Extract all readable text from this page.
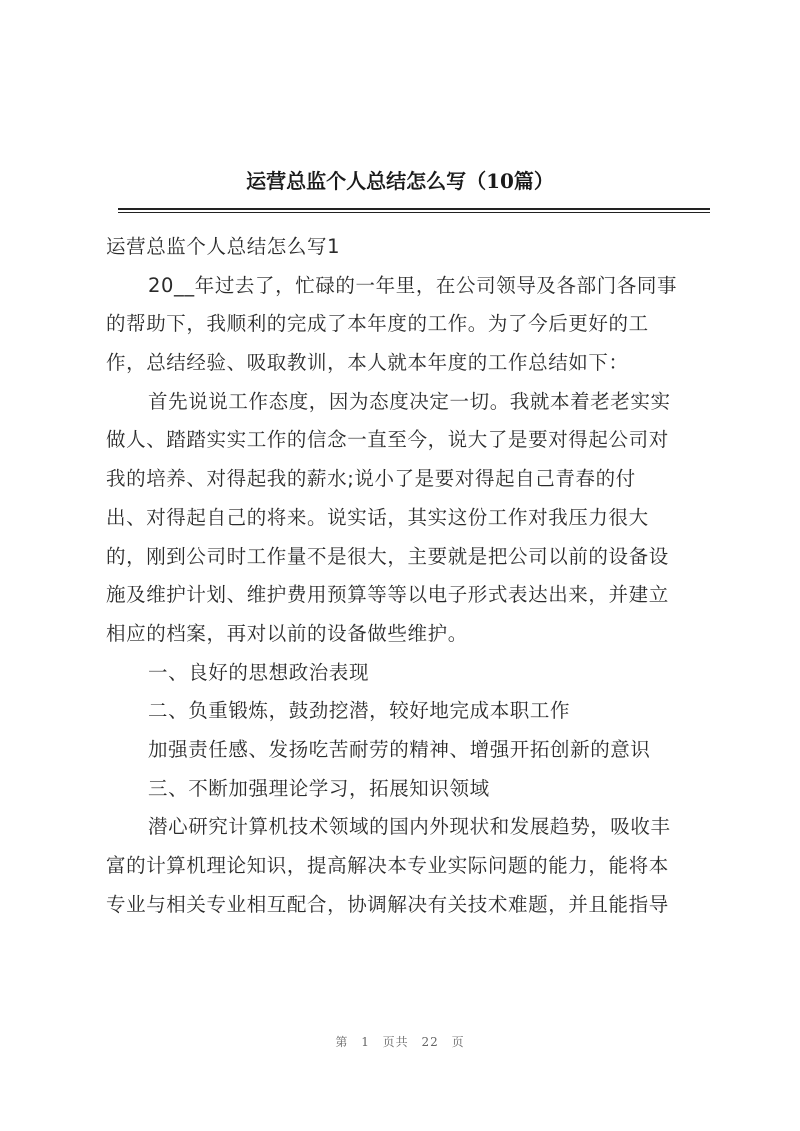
运营总监个人总结怎么写（10篇）
运营总监个人总结怎么写1
20__年过去了，忙碌的一年里，在公司领导及各部门各同事
的帮助下，我顺利的完成了本年度的工作。为了今后更好的工
作，总结经验、吸取教训，本人就本年度的工作总结如下：
首先说说工作态度，因为态度决定一切。我就本着老老实实
做人、踏踏实实工作的信念一直至今，说大了是要对得起公司对
我的培养、对得起我的薪水;说小了是要对得起自己青春的付
出、对得起自己的将来。说实话，其实这份工作对我压力很大
的，刚到公司时工作量不是很大，主要就是把公司以前的设备设
施及维护计划、维护费用预算等等以电子形式表达出来，并建立
相应的档案，再对以前的设备做些维护。
一、良好的思想政治表现
二、负重锻炼，鼓劲挖潜，较好地完成本职工作
加强责任感、发扬吃苦耐劳的精神、增强开拓创新的意识
三、不断加强理论学习，拓展知识领域
潜心研究计算机技术领域的国内外现状和发展趋势，吸收丰
富的计算机理论知识，提高解决本专业实际问题的能力，能将本
专业与相关专业相互配合，协调解决有关技术难题，并且能指导
第 1 页共 22 页
